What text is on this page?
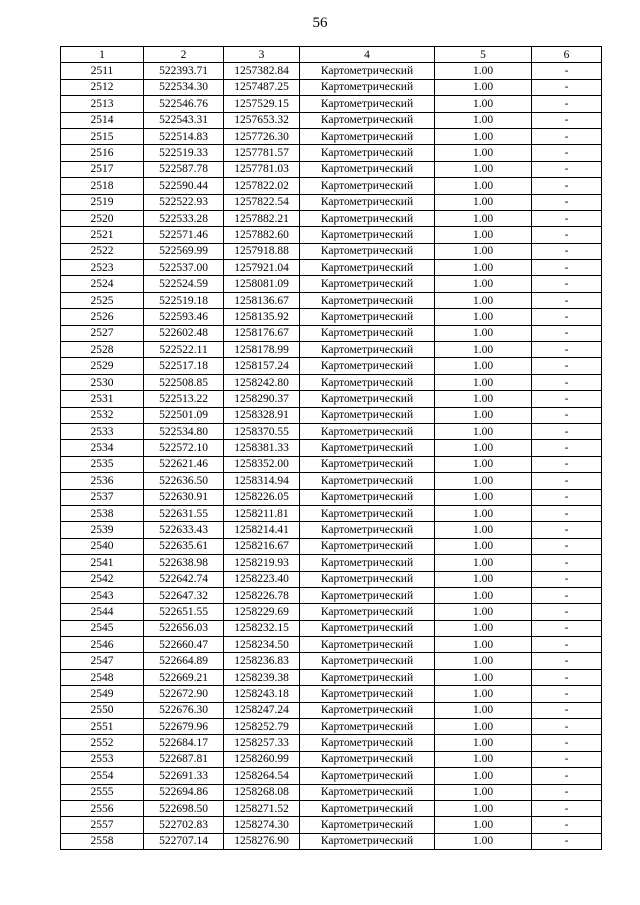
56
1	2	3	4	5	6
2511	522393.71	1257382.84	Картометрический	1.00	-
2512	522534.30	1257487.25	Картометрический	1.00	-
2513	522546.76	1257529.15	Картометрический	1.00	-
2514	522543.31	1257653.32	Картометрический	1.00	-
2515	522514.83	1257726.30	Картометрический	1.00	-
2516	522519.33	1257781.57	Картометрический	1.00	-
2517	522587.78	1257781.03	Картометрический	1.00	-
2518	522590.44	1257822.02	Картометрический	1.00	-
2519	522522.93	1257822.54	Картометрический	1.00	-
2520	522533.28	1257882.21	Картометрический	1.00	-
2521	522571.46	1257882.60	Картометрический	1.00	-
2522	522569.99	1257918.88	Картометрический	1.00	-
2523	522537.00	1257921.04	Картометрический	1.00	-
2524	522524.59	1258081.09	Картометрический	1.00	-
2525	522519.18	1258136.67	Картометрический	1.00	-
2526	522593.46	1258135.92	Картометрический	1.00	-
2527	522602.48	1258176.67	Картометрический	1.00	-
2528	522522.11	1258178.99	Картометрический	1.00	-
2529	522517.18	1258157.24	Картометрический	1.00	-
2530	522508.85	1258242.80	Картометрический	1.00	-
2531	522513.22	1258290.37	Картометрический	1.00	-
2532	522501.09	1258328.91	Картометрический	1.00	-
2533	522534.80	1258370.55	Картометрический	1.00	-
2534	522572.10	1258381.33	Картометрический	1.00	-
2535	522621.46	1258352.00	Картометрический	1.00	-
2536	522636.50	1258314.94	Картометрический	1.00	-
2537	522630.91	1258226.05	Картометрический	1.00	-
2538	522631.55	1258211.81	Картометрический	1.00	-
2539	522633.43	1258214.41	Картометрический	1.00	-
2540	522635.61	1258216.67	Картометрический	1.00	-
2541	522638.98	1258219.93	Картометрический	1.00	-
2542	522642.74	1258223.40	Картометрический	1.00	-
2543	522647.32	1258226.78	Картометрический	1.00	-
2544	522651.55	1258229.69	Картометрический	1.00	-
2545	522656.03	1258232.15	Картометрический	1.00	-
2546	522660.47	1258234.50	Картометрический	1.00	-
2547	522664.89	1258236.83	Картометрический	1.00	-
2548	522669.21	1258239.38	Картометрический	1.00	-
2549	522672.90	1258243.18	Картометрический	1.00	-
2550	522676.30	1258247.24	Картометрический	1.00	-
2551	522679.96	1258252.79	Картометрический	1.00	-
2552	522684.17	1258257.33	Картометрический	1.00	-
2553	522687.81	1258260.99	Картометрический	1.00	-
2554	522691.33	1258264.54	Картометрический	1.00	-
2555	522694.86	1258268.08	Картометрический	1.00	-
2556	522698.50	1258271.52	Картометрический	1.00	-
2557	522702.83	1258274.30	Картометрический	1.00	-
2558	522707.14	1258276.90	Картометрический	1.00	-
